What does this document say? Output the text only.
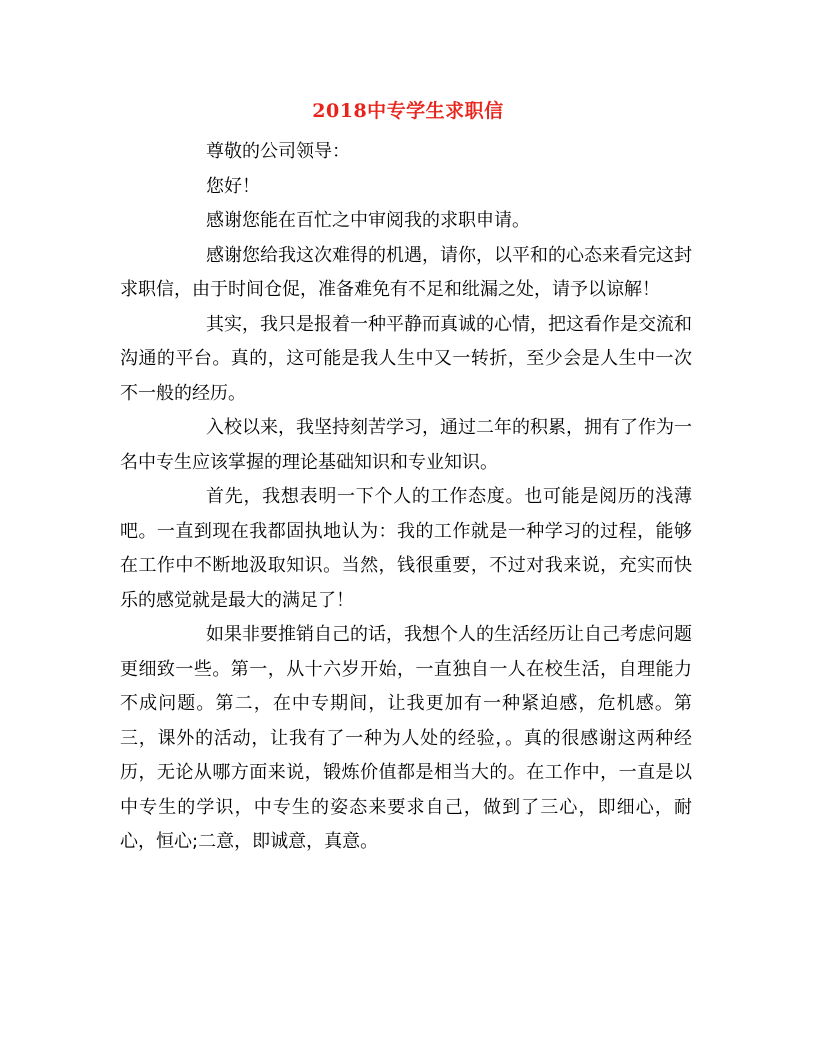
2018中专学生求职信

尊敬的公司领导：

您好！

感谢您能在百忙之中审阅我的求职申请。

感谢您给我这次难得的机遇，请你，以平和的心态来看完这封求职信，由于时间仓促，准备难免有不足和纰漏之处，请予以谅解！

其实，我只是报着一种平静而真诚的心情，把这看作是交流和沟通的平台。真的，这可能是我人生中又一转折，至少会是人生中一次不一般的经历。

入校以来，我坚持刻苦学习，通过二年的积累，拥有了作为一名中专生应该掌握的理论基础知识和专业知识。

首先，我想表明一下个人的工作态度。也可能是阅历的浅薄吧。一直到现在我都固执地认为：我的工作就是一种学习的过程，能够在工作中不断地汲取知识。当然，钱很重要，不过对我来说，充实而快乐的感觉就是最大的满足了！

如果非要推销自己的话，我想个人的生活经历让自己考虑问题更细致一些。第一，从十六岁开始，一直独自一人在校生活，自理能力不成问题。第二，在中专期间，让我更加有一种紧迫感，危机感。第三，课外的活动，让我有了一种为人处的经验，。真的很感谢这两种经历，无论从哪方面来说，锻炼价值都是相当大的。在工作中，一直是以中专生的学识，中专生的姿态来要求自己，做到了三心，即细心，耐心，恒心;二意，即诚意，真意。
